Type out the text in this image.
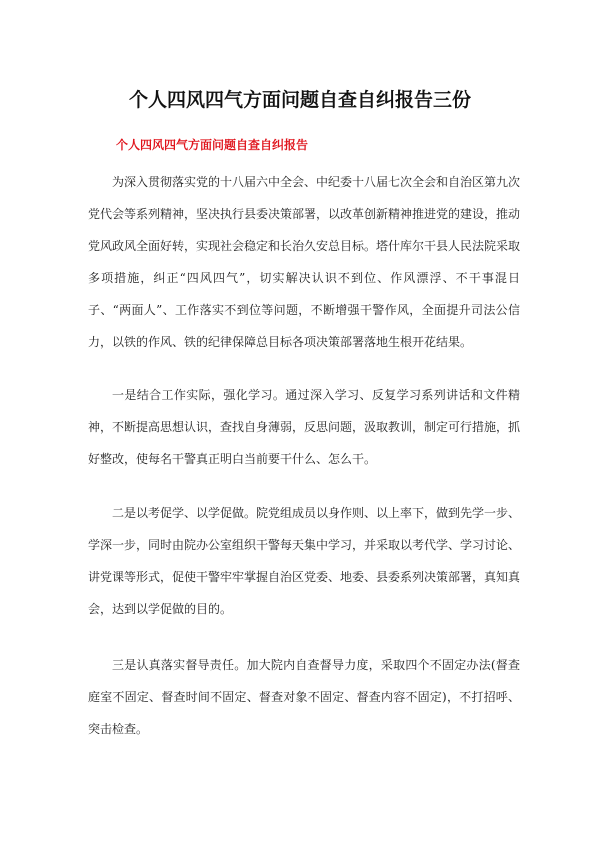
个人四风四气方面问题自查自纠报告三份
个人四风四气方面问题自查自纠报告

为深入贯彻落实党的十八届六中全会、中纪委十八届七次全会和自治区第九次党代会等系列精神，坚决执行县委决策部署，以改革创新精神推进党的建设，推动党风政风全面好转，实现社会稳定和长治久安总目标。塔什库尔干县人民法院采取多项措施，纠正“四风四气”，切实解决认识不到位、作风漂浮、不干事混日子、“两面人”、工作落实不到位等问题，不断增强干警作风，全面提升司法公信力，以铁的作风、铁的纪律保障总目标各项决策部署落地生根开花结果。

一是结合工作实际，强化学习。通过深入学习、反复学习系列讲话和文件精神，不断提高思想认识，查找自身薄弱，反思问题，汲取教训，制定可行措施，抓好整改，使每名干警真正明白当前要干什么、怎么干。

二是以考促学、以学促做。院党组成员以身作则、以上率下，做到先学一步、学深一步，同时由院办公室组织干警每天集中学习，并采取以考代学、学习讨论、讲党课等形式，促使干警牢牢掌握自治区党委、地委、县委系列决策部署，真知真会，达到以学促做的目的。

三是认真落实督导责任。加大院内自查督导力度，采取四个不固定办法(督查庭室不固定、督查时间不固定、督查对象不固定、督查内容不固定)，不打招呼、突击检查。
